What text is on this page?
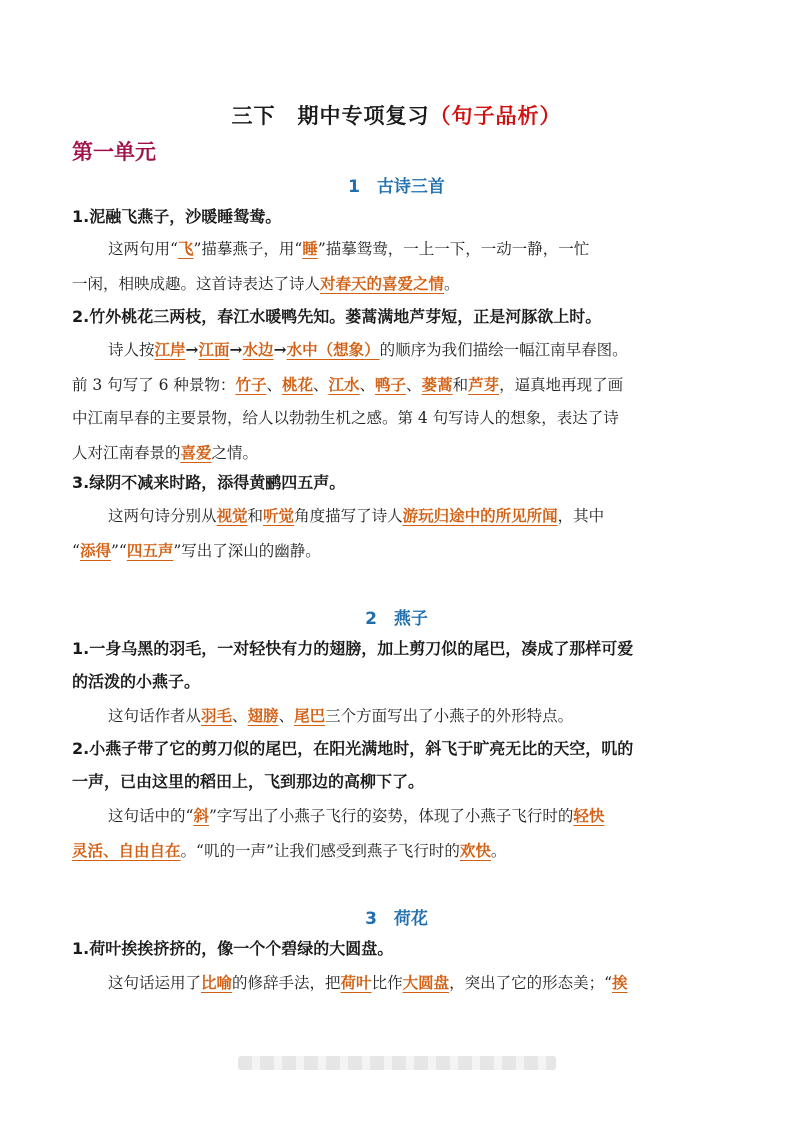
三下　期中专项复习（句子品析）
第一单元
1　古诗三首
1.泥融飞燕子，沙暖睡鸳鸯。
这两句用“飞”描摹燕子，用“睡”描摹鸳鸯，一上一下，一动一静，一忙
一闲，相映成趣。这首诗表达了诗人对春天的喜爱之情。
2.竹外桃花三两枝，春江水暖鸭先知。蒌蒿满地芦芽短，正是河豚欲上时。
诗人按江岸→江面→水边→水中（想象）的顺序为我们描绘一幅江南早春图。
前 3 句写了 6 种景物：竹子、桃花、江水、鸭子、蒌蒿和芦芽，逼真地再现了画
中江南早春的主要景物，给人以勃勃生机之感。第 4 句写诗人的想象，表达了诗
人对江南春景的喜爱之情。
3.绿阴不减来时路，添得黄鹂四五声。
这两句诗分别从视觉和听觉角度描写了诗人游玩归途中的所见所闻，其中
“添得”“四五声”写出了深山的幽静。
2　燕子
1.一身乌黑的羽毛，一对轻快有力的翅膀，加上剪刀似的尾巴，凑成了那样可爱
的活泼的小燕子。
这句话作者从羽毛、翅膀、尾巴三个方面写出了小燕子的外形特点。
2.小燕子带了它的剪刀似的尾巴，在阳光满地时，斜飞于旷亮无比的天空，叽的
一声，已由这里的稻田上，飞到那边的高柳下了。
这句话中的“斜”字写出了小燕子飞行的姿势，体现了小燕子飞行时的轻快
灵活、自由自在。“叽的一声”让我们感受到燕子飞行时的欢快。
3　荷花
1.荷叶挨挨挤挤的，像一个个碧绿的大圆盘。
这句话运用了比喻的修辞手法，把荷叶比作大圆盘，突出了它的形态美；“挨
